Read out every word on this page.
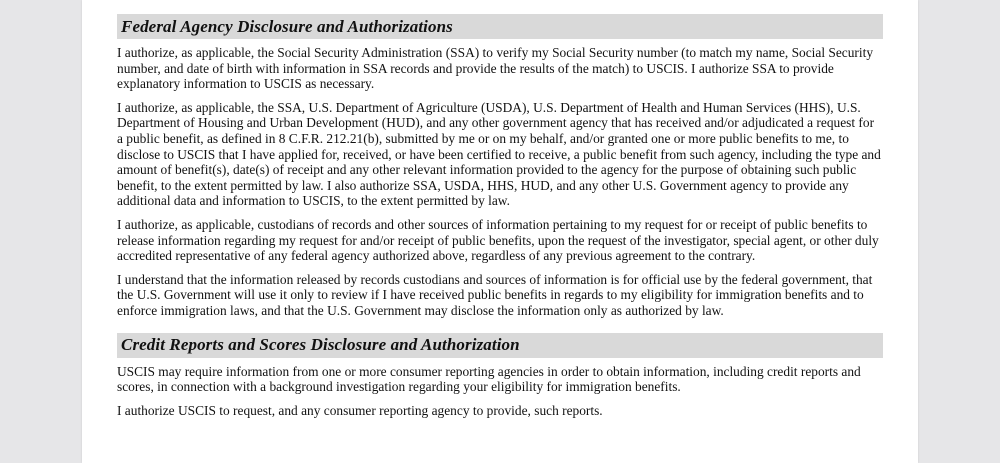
Federal Agency Disclosure and Authorizations

I authorize, as applicable, the Social Security Administration (SSA) to verify my Social Security number (to match my name, Social Security number, and date of birth with information in SSA records and provide the results of the match) to USCIS. I authorize SSA to provide explanatory information to USCIS as necessary.

I authorize, as applicable, the SSA, U.S. Department of Agriculture (USDA), U.S. Department of Health and Human Services (HHS), U.S. Department of Housing and Urban Development (HUD), and any other government agency that has received and/or adjudicated a request for a public benefit, as defined in 8 C.F.R. 212.21(b), submitted by me or on my behalf, and/or granted one or more public benefits to me, to disclose to USCIS that I have applied for, received, or have been certified to receive, a public benefit from such agency, including the type and amount of benefit(s), date(s) of receipt and any other relevant information provided to the agency for the purpose of obtaining such public benefit, to the extent permitted by law. I also authorize SSA, USDA, HHS, HUD, and any other U.S. Government agency to provide any additional data and information to USCIS, to the extent permitted by law.

I authorize, as applicable, custodians of records and other sources of information pertaining to my request for or receipt of public benefits to release information regarding my request for and/or receipt of public benefits, upon the request of the investigator, special agent, or other duly accredited representative of any federal agency authorized above, regardless of any previous agreement to the contrary.

I understand that the information released by records custodians and sources of information is for official use by the federal government, that the U.S. Government will use it only to review if I have received public benefits in regards to my eligibility for immigration benefits and to enforce immigration laws, and that the U.S. Government may disclose the information only as authorized by law.

Credit Reports and Scores Disclosure and Authorization

USCIS may require information from one or more consumer reporting agencies in order to obtain information, including credit reports and scores, in connection with a background investigation regarding your eligibility for immigration benefits.

I authorize USCIS to request, and any consumer reporting agency to provide, such reports.
